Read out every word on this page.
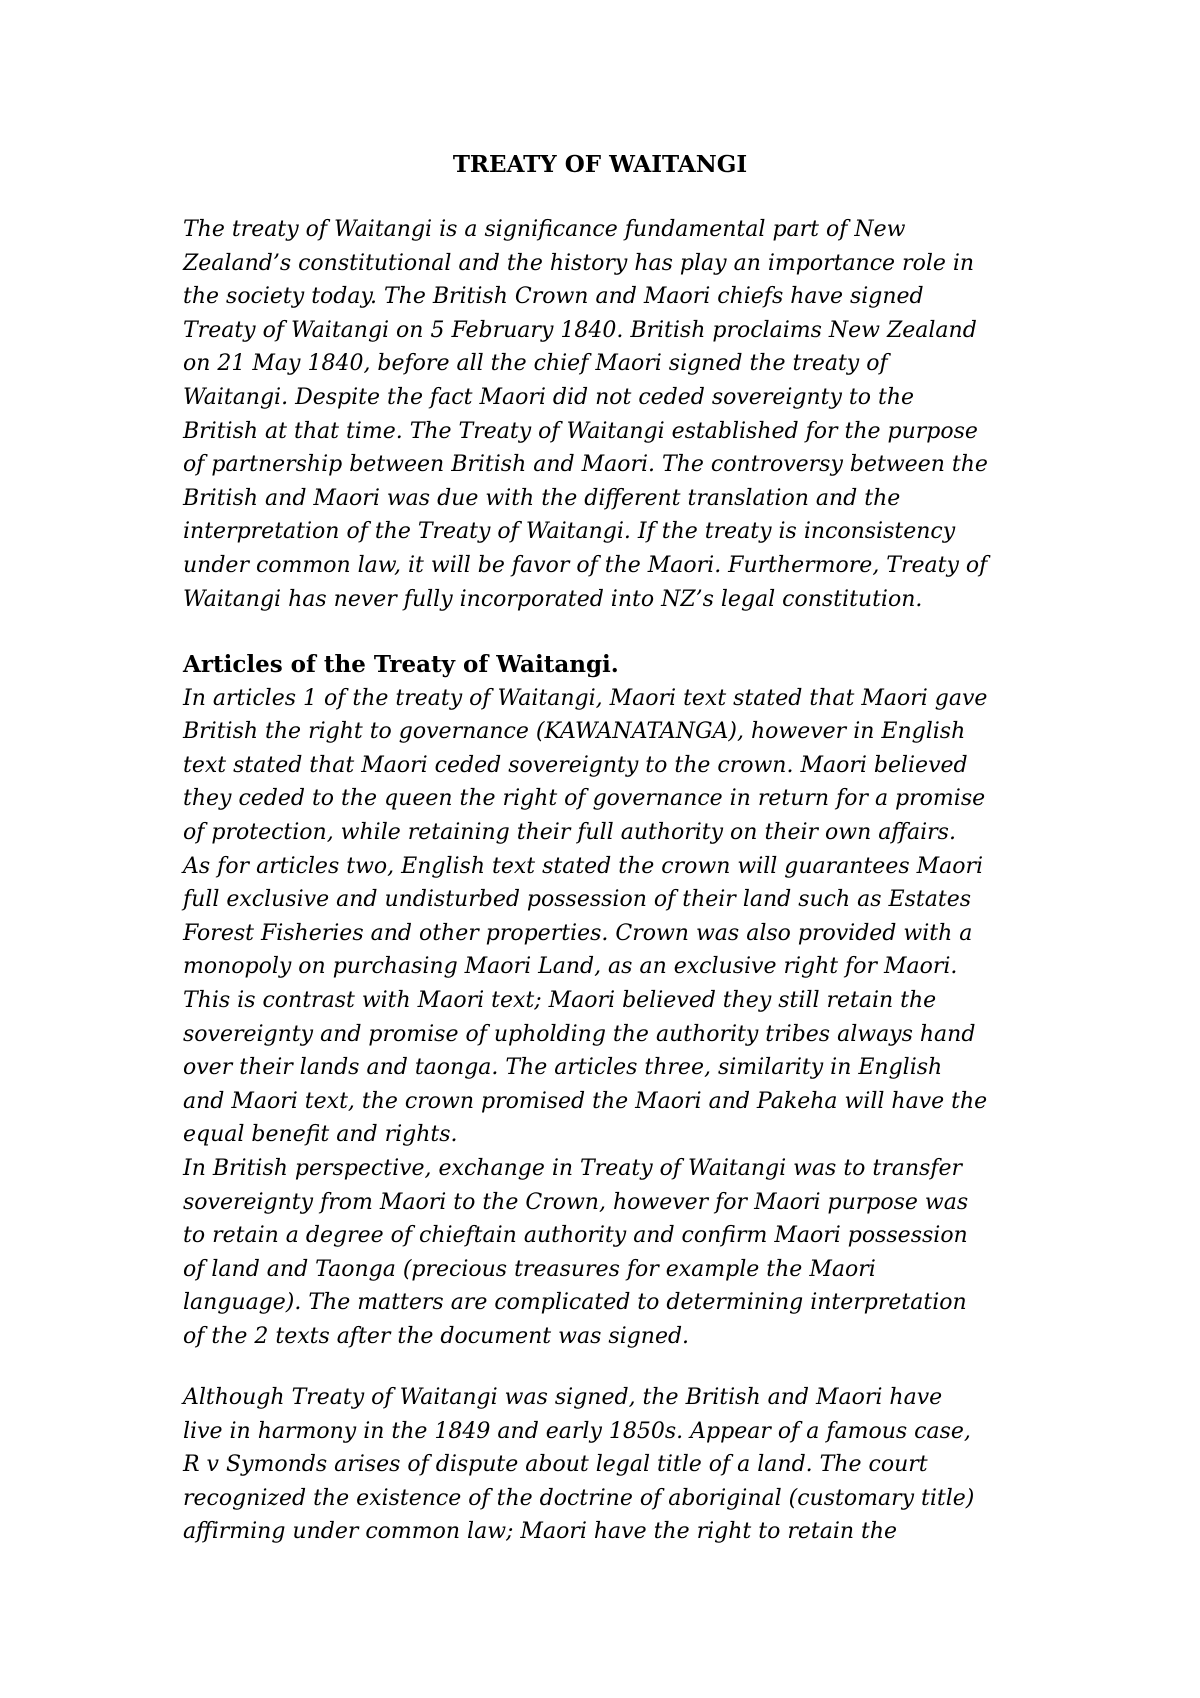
TREATY OF WAITANGI
The treaty of Waitangi is a significance fundamental part of New
Zealand’s constitutional and the history has play an importance role in
the society today. The British Crown and Maori chiefs have signed
Treaty of Waitangi on 5 February 1840. British proclaims New Zealand
on 21 May 1840, before all the chief Maori signed the treaty of
Waitangi. Despite the fact Maori did not ceded sovereignty to the
British at that time. The Treaty of Waitangi established for the purpose
of partnership between British and Maori. The controversy between the
British and Maori was due with the different translation and the
interpretation of the Treaty of Waitangi. If the treaty is inconsistency
under common law, it will be favor of the Maori. Furthermore, Treaty of
Waitangi has never fully incorporated into NZ’s legal constitution.
Articles of the Treaty of Waitangi.
In articles 1 of the treaty of Waitangi, Maori text stated that Maori gave
British the right to governance (KAWANATANGA), however in English
text stated that Maori ceded sovereignty to the crown. Maori believed
they ceded to the queen the right of governance in return for a promise
of protection, while retaining their full authority on their own affairs.
As for articles two, English text stated the crown will guarantees Maori
full exclusive and undisturbed possession of their land such as Estates
Forest Fisheries and other properties. Crown was also provided with a
monopoly on purchasing Maori Land, as an exclusive right for Maori.
This is contrast with Maori text; Maori believed they still retain the
sovereignty and promise of upholding the authority tribes always hand
over their lands and taonga. The articles three, similarity in English
and Maori text, the crown promised the Maori and Pakeha will have the
equal benefit and rights.
In British perspective, exchange in Treaty of Waitangi was to transfer
sovereignty from Maori to the Crown, however for Maori purpose was
to retain a degree of chieftain authority and confirm Maori possession
of land and Taonga (precious treasures for example the Maori
language). The matters are complicated to determining interpretation
of the 2 texts after the document was signed.
Although Treaty of Waitangi was signed, the British and Maori have
live in harmony in the 1849 and early 1850s. Appear of a famous case,
R v Symonds arises of dispute about legal title of a land. The court
recognized the existence of the doctrine of aboriginal (customary title)
affirming under common law; Maori have the right to retain the
